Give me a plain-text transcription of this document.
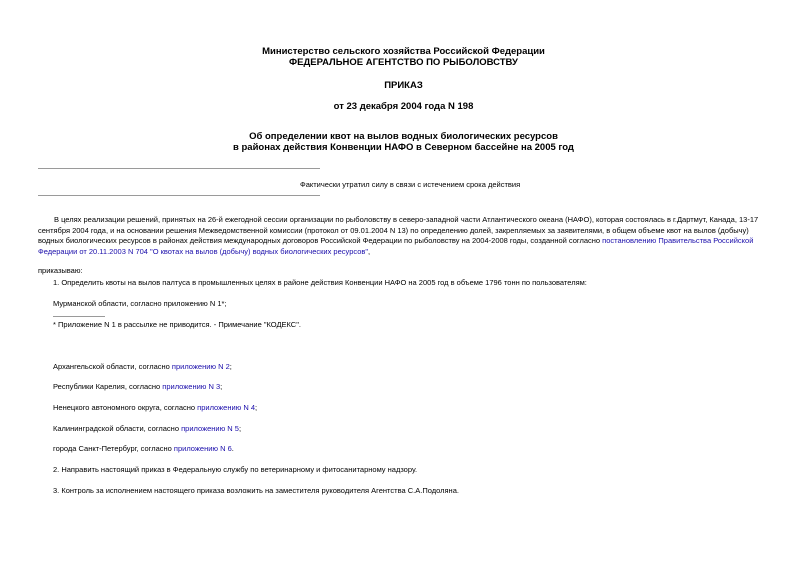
Министерство сельского хозяйства Российской Федерации
ФЕДЕРАЛЬНОЕ АГЕНТСТВО ПО РЫБОЛОВСТВУ
ПРИКАЗ
от 23 декабря 2004 года N 198
Об определении квот на вылов водных биологических ресурсов
в районах действия Конвенции НАФО в Северном бассейне на 2005 год
Фактически утратил силу в связи с истечением срока действия
В целях реализации решений, принятых на 26-й ежегодной сессии организации по рыболовству в северо-западной части Атлантического океана (НАФО), которая состоялась в г.Дартмут, Канада, 13-17 сентября 2004 года, и на основании решения Межведомственной комиссии (протокол от 09.01.2004 N 13) по определению долей, закрепляемых за заявителями, в общем объеме квот на вылов (добычу) водных биологических ресурсов в районах действия международных договоров Российской Федерации по рыболовству на 2004-2008 годы, созданной согласно постановлению Правительства Российской Федерации от 20.11.2003 N 704 "О квотах на вылов (добычу) водных биологических ресурсов",
приказываю:
1. Определить квоты на вылов палтуса в промышленных целях в районе действия Конвенции НАФО на 2005 год в объеме 1796 тонн по пользователям:
Мурманской области, согласно приложению N 1*;
* Приложение N 1 в рассылке не приводится. - Примечание "КОДЕКС".
Архангельской области, согласно приложению N 2;
Республики Карелия, согласно приложению N 3;
Ненецкого автономного округа, согласно приложению N 4;
Калининградской области, согласно приложению N 5;
города Санкт-Петербург, согласно приложению N 6.
2. Направить настоящий приказ в Федеральную службу по ветеринарному и фитосанитарному надзору.
3. Контроль за исполнением настоящего приказа возложить на заместителя руководителя Агентства С.А.Подоляна.
